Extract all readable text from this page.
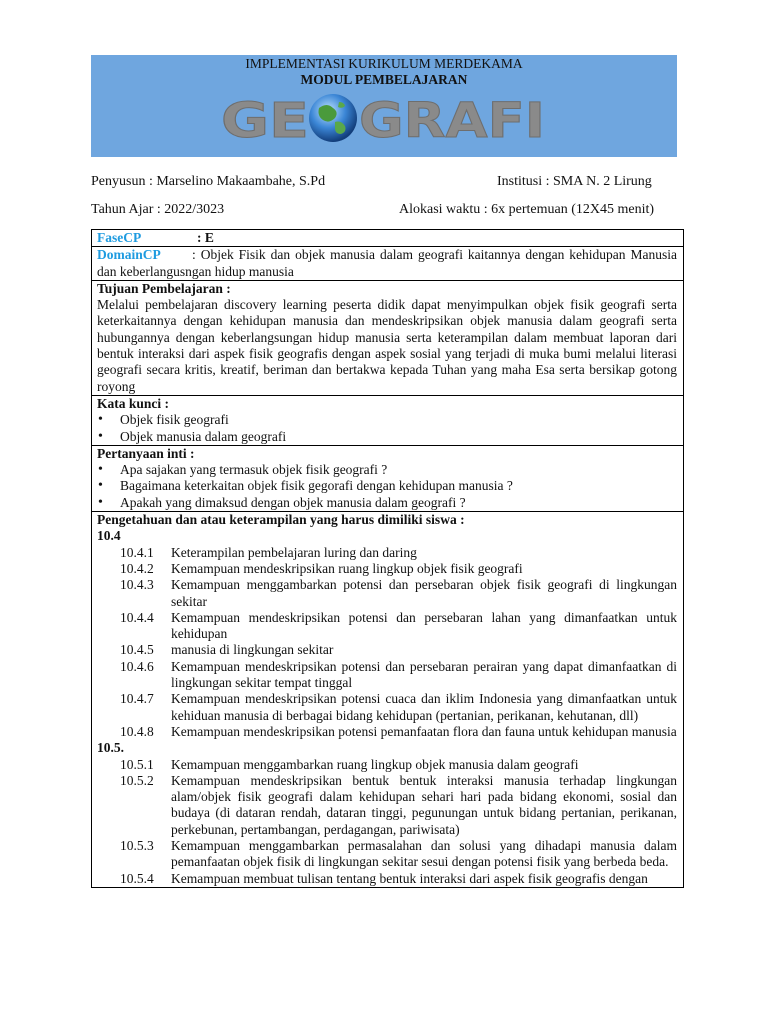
IMPLEMENTASI KURIKULUM MERDEKAMA
MODUL PEMBELAJARAN
GE GRAFI
GEOGRAFI
Penyusun : Marselino Makaambahe, S.Pd	Institusi : SMA N. 2 Lirung
Tahun Ajar : 2022/3023	Alokasi waktu : 6x pertemuan (12X45 menit)
FaseCP	: E
DomainCP : Objek Fisik dan objek manusia dalam geografi kaitannya dengan kehidupan Manusia dan keberlangusngan hidup manusia
Tujuan Pembelajaran :
Melalui pembelajaran discovery learning peserta didik dapat menyimpulkan objek fisik geografi serta keterkaitannya dengan kehidupan manusia dan mendeskripsikan objek manusia dalam geografi serta hubungannya dengan keberlangsungan hidup manusia serta keterampilan dalam membuat laporan dari bentuk interaksi dari aspek fisik geografis dengan aspek sosial yang terjadi di muka bumi melalui literasi geografi secara kritis, kreatif, beriman dan bertakwa kepada Tuhan yang maha Esa serta bersikap gotong royong
Kata kunci :
• Objek fisik geografi
• Objek manusia dalam geografi
Pertanyaan inti :
• Apa sajakan yang termasuk objek fisik geografi ?
• Bagaimana keterkaitan objek fisik gegorafi dengan kehidupan manusia ?
• Apakah yang dimaksud dengan objek manusia dalam geografi ?
Pengetahuan dan atau keterampilan yang harus dimiliki siswa :
10.4
10.4.1	Keterampilan pembelajaran luring dan daring
10.4.2	Kemampuan mendeskripsikan ruang lingkup objek fisik geografi
10.4.3	Kemampuan menggambarkan potensi dan persebaran objek fisik geografi di lingkungan sekitar
10.4.4	Kemampuan mendeskripsikan potensi dan persebaran lahan yang dimanfaatkan untuk kehidupan
10.4.5	manusia di lingkungan sekitar
10.4.6	Kemampuan mendeskripsikan potensi dan persebaran perairan yang dapat dimanfaatkan di lingkungan sekitar tempat tinggal
10.4.7	Kemampuan mendeskripsikan potensi cuaca dan iklim Indonesia yang dimanfaatkan untuk kehiduan manusia di berbagai bidang kehidupan (pertanian, perikanan, kehutanan, dll)
10.4.8	Kemampuan mendeskripsikan potensi pemanfaatan flora dan fauna untuk kehidupan manusia
10.5.
10.5.1	Kemampuan menggambarkan ruang lingkup objek manusia dalam geografi
10.5.2	Kemampuan mendeskripsikan bentuk bentuk interaksi manusia terhadap lingkungan alam/objek fisik geografi dalam kehidupan sehari hari pada bidang ekonomi, sosial dan budaya (di dataran rendah, dataran tinggi, pegunungan untuk bidang pertanian, perikanan, perkebunan, pertambangan, perdagangan, pariwisata)
10.5.3	Kemampuan menggambarkan permasalahan dan solusi yang dihadapi manusia dalam pemanfaatan objek fisik di lingkungan sekitar sesui dengan potensi fisik yang berbeda beda.
10.5.4	Kemampuan membuat tulisan tentang bentuk interaksi dari aspek fisik geografis dengan
